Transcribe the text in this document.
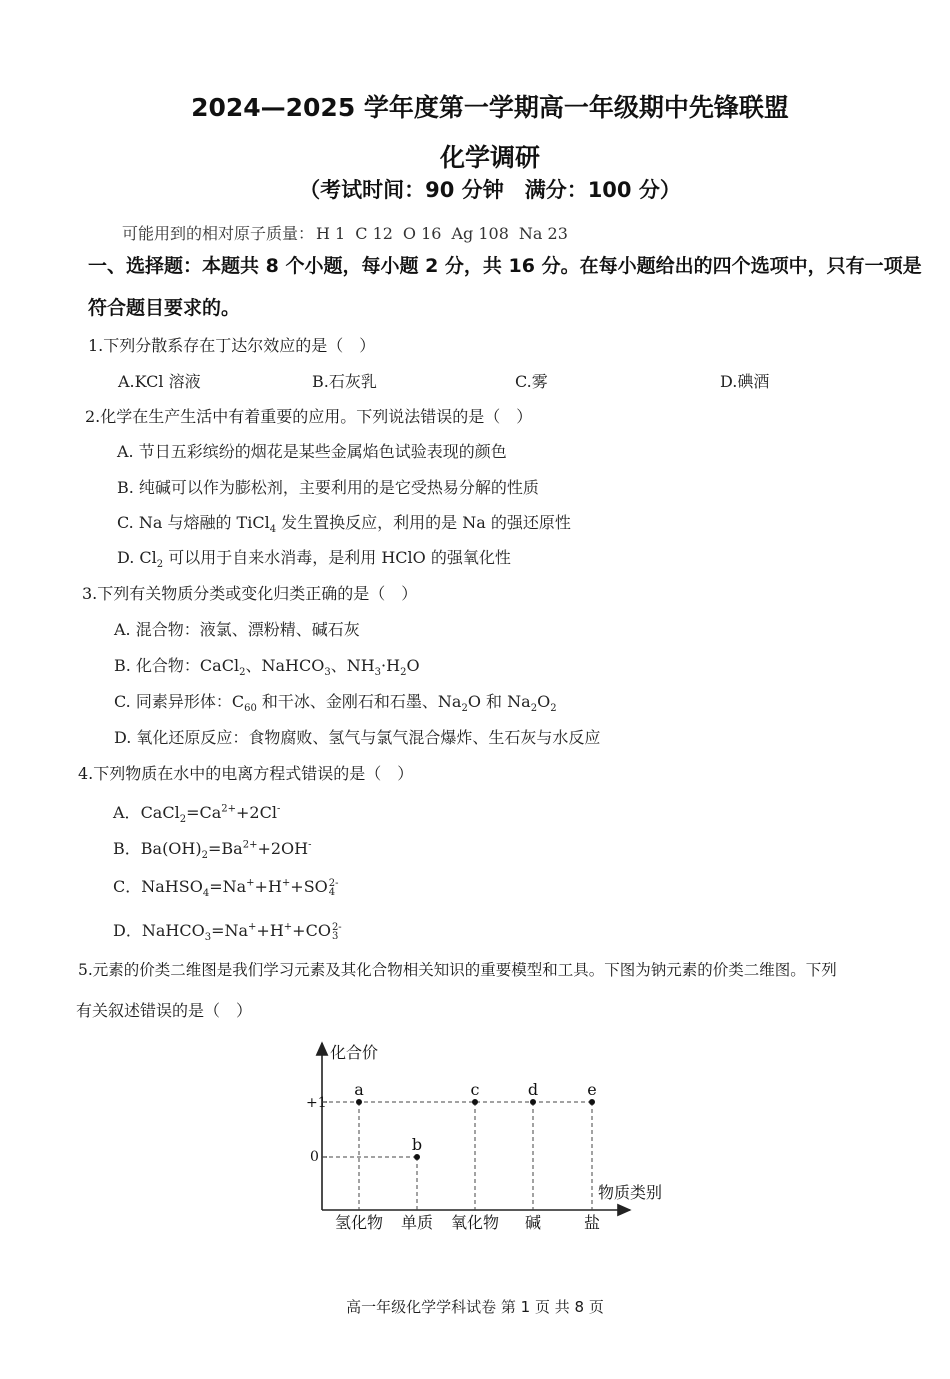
2024—2025 学年度第一学期高一年级期中先锋联盟
化学调研
（考试时间：90 分钟　满分：100 分）
可能用到的相对原子质量： H 1 C 12 O 16 Ag 108 Na 23
一、选择题：本题共 8 个小题，每小题 2 分，共 16 分。在每小题给出的四个选项中，只有一项是
符合题目要求的。
1.下列分散系存在丁达尔效应的是（　）
A.KCl 溶液	B.石灰乳	C.雾	D.碘酒
2.化学在生产生活中有着重要的应用。下列说法错误的是（　）
A. 节日五彩缤纷的烟花是某些金属焰色试验表现的颜色
B. 纯碱可以作为膨松剂，主要利用的是它受热易分解的性质
C. Na 与熔融的 TiCl$_4$ 发生置换反应，利用的是 Na 的强还原性
D. $Cl_2$ 可以用于自来水消毒，是利用 HClO 的强氧化性
3.下列有关物质分类或变化归类正确的是（　）
A. 混合物：液氯、漂粉精、碱石灰
B. 化合物：CaCl$_2$、NaHCO$_3$、$NH_3\cdot H_2O$
C. 同素异形体：$C_{60}$ 和干冰、金刚石和石墨、$Na_2O$ 和 $Na_2O_2$
D. 氧化还原反应：食物腐败、氢气与氯气混合爆炸、生石灰与水反应
4.下列物质在水中的电离方程式错误的是（　）
A．$CaCl_2=Ca^{2+}+2Cl^-$
B．$Ba(OH)_2=Ba^{2+}+2OH^-$
C．NaHSO$_4$=Na++H++SO2-
4
D．NaHCO$_3$=Na++H++CO2-
3
5.元素的价类二维图是我们学习元素及其化合物相关知识的重要模型和工具。下图为钠元素的价类二维图。下列
有关叙述错误的是（　）
化合价
物质类别
+1
0
氢化物 单质 氧化物 碱	盐
a
b
c	d	e
高一年级化学学科试卷 第 1 页 共 8 页
